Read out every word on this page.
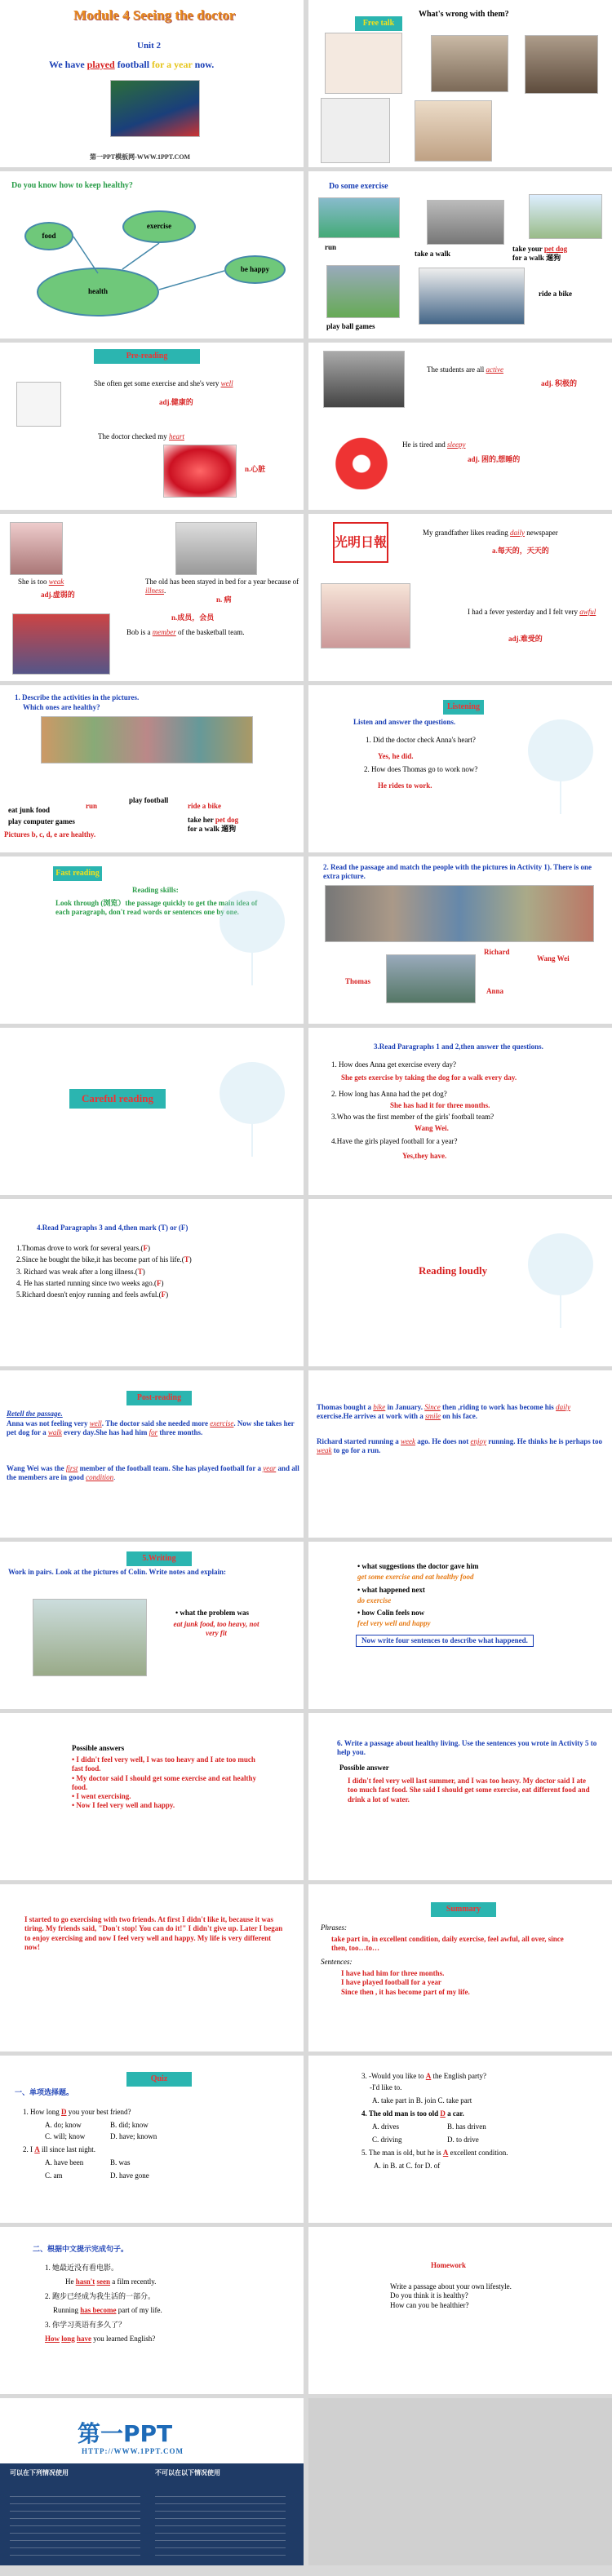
Module 4 Seeing the doctor
Unit 2
We have played football for a year now.
第一PPT模板网-WWW.1PPT.COM
Free talk
What's wrong with them?
Do you know how to keep healthy?
food
exercise
health
be happy
Do some exercise
run
take a walk
take your pet dog
for a walk 遛狗
play ball games
ride a bike
Pre-reading
She often get some exercise and she's very well
adj.健康的
The doctor checked my heart
n.心脏
The students are all active
adj. 积极的
He is tired and sleepy
adj. 困的,想睡的
She is too weak
adj.虚弱的
The old has been stayed in bed for a year because of illness.
n. 病
n.成员，会员
Bob is a member of the basketball team.
光明日報
My grandfather likes reading daily newspaper
a.每天的，天天的
I had a fever yesterday and I felt very awful
adj.难受的
1. Describe the activities in the pictures.
Which ones are healthy?
eat junk food	run
play football
ride a bike
play computer games	take her pet dog
for a walk 遛狗
Pictures b, c, d, e are healthy.
Listening
Listen and answer the questions.
1. Did the doctor check Anna's heart?
Yes, he did.
2. How does Thomas go to work now?
He rides to work.
Fast reading
Reading skills:
Look through (浏览）the passage quickly to get the main idea of each paragraph, don't read words or sentences one by one.
2. Read the passage and match the people with the pictures in Activity 1). There is one extra picture.
Richard
Wang Wei
Thomas
Anna
Careful reading
3.Read Paragraphs 1 and 2,then answer the questions.
1. How does Anna get exercise every day?
She gets exercise by taking the dog for a walk every day.
2. How long has Anna had the pet dog?
She has had it for three months.
3.Who was the first member of the girls' football team?
Wang Wei.
4.Have the girls played football for a year?
Yes,they have.
4.Read Paragraphs 3 and 4,then mark (T) or (F)
1.Thomas drove to work for several years.(F)
2.Since he bought the bike,it has become part of his life.(T)
3. Richard was weak after a long illness.(T)
4. He has started running since two weeks ago.(F)
5.Richard doesn't enjoy running and feels awful.(F)
Reading loudly
Post-reading
Retell the passage.
Anna was not feeling very well. The doctor said she needed more exercise. Now she takes her pet dog for a walk every day.She has had him for three months.
Wang Wei was the first member of the football team. She has played football for a year and all the members are in good condition.
Thomas bought a bike in January. Since then ,riding to work has become his daily exercise.He arrives at work with a smile on his face.
Richard started running a week ago. He does not enjoy running. He thinks he is perhaps too weak to go for a run.
5.Writing
Work in pairs. Look at the pictures of Colin. Write notes and explain:
• what the problem was
eat junk food, too heavy, not very fit
• what suggestions the doctor gave him
get some exercise and eat healthy food
• what happened next
do exercise
• how Colin feels now
feel very well and happy
Now write four sentences to describe what happened.
Possible answers
• I didn't feel very well, I was too heavy and I ate too much fast food.
• My doctor said I should get some exercise and eat healthy food.
• I went exercising.
• Now I feel very well and happy.
6. Write a passage about healthy living. Use the sentences you wrote in Activity 5 to help you.
Possible answer
I didn't feel very well last summer, and I was too heavy. My doctor said I ate too much fast food. She said I should get some exercise, eat different food and drink a lot of water.
I started to go exercising with two friends. At first I didn't like it, because it was tiring. My friends said, "Don't stop! You can do it!" I didn't give up. Later I began to enjoy exercising and now I feel very well and happy. My life is very different now!
Summary
Phrases:
take part in, in excellent condition, daily exercise, feel awful, all over, since then, too…to…
Sentences:
I have had him for three months.
I have played football for a year
Since then , it has become part of my life.
Quiz
一、单项选择题。
1. How long D you your best friend?
A. do; know	B. did; know
C. will; know	D. have; known
2. I A ill since last night.
A. have been	B. was
C. am	D. have gone
3. -Would you like to A the English party?
-I'd like to.
A. take part in B. join C. take part
4. The old man is too old D a car.
A. drives	B. has driven
C. driving	D. to drive
5. The man is old, but he is A excellent condition.
A. in B. at C. for D. of
二、根据中文提示完成句子。
1. 她最近没有看电影。
He hasn't seen a film recently.
2. 跑步已经成为我生活的一部分。
Running has become part of my life.
3. 你学习英语有多久了？
How long have you learned English?
Homework
Write a passage about your own lifestyle.
Do you think it is healthy?
How can you be healthier?
第一PPT
HTTP://WWW.1PPT.COM
可以在下列情况使用	不可以在以下情况使用
